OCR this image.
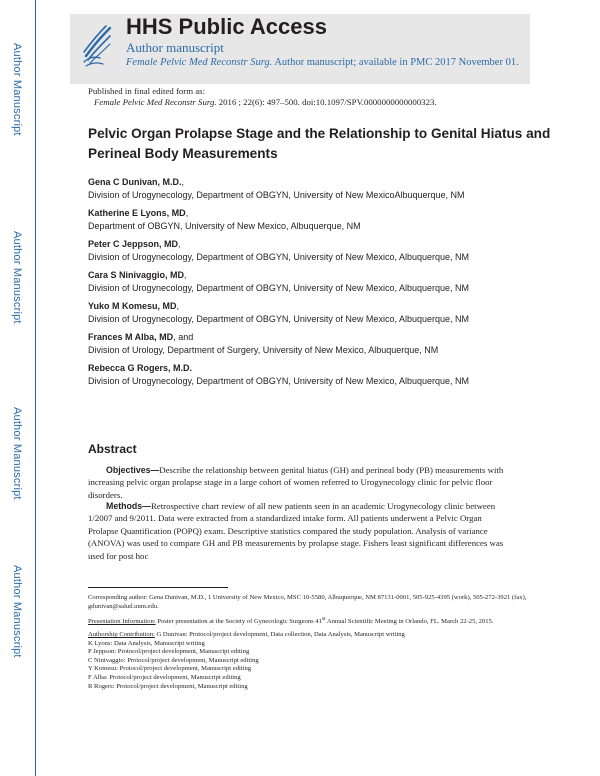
Author Manuscript
Author Manuscript
Author Manuscript
Author Manuscript
HHS Public Access
Author manuscript
Female Pelvic Med Reconstr Surg. Author manuscript; available in PMC 2017 November 01.
Published in final edited form as:
Female Pelvic Med Reconstr Surg. 2016 ; 22(6): 497–500. doi:10.1097/SPV.0000000000000323.
Pelvic Organ Prolapse Stage and the Relationship to Genital Hiatus and Perineal Body Measurements
Gena C Dunivan, M.D.,
Division of Urogynecology, Department of OBGYN, University of New MexicoAlbuquerque, NM
Katherine E Lyons, MD,
Department of OBGYN, University of New Mexico, Albuquerque, NM
Peter C Jeppson, MD,
Division of Urogynecology, Department of OBGYN, University of New Mexico, Albuquerque, NM
Cara S Ninivaggio, MD,
Division of Urogynecology, Department of OBGYN, University of New Mexico, Albuquerque, NM
Yuko M Komesu, MD,
Division of Urogynecology, Department of OBGYN, University of New Mexico, Albuquerque, NM
Frances M Alba, MD, and
Division of Urology, Department of Surgery, University of New Mexico, Albuquerque, NM
Rebecca G Rogers, M.D.
Division of Urogynecology, Department of OBGYN, University of New Mexico, Albuquerque, NM
Abstract
Objectives—Describe the relationship between genital hiatus (GH) and perineal body (PB) measurements with increasing pelvic organ prolapse stage in a large cohort of women referred to Urogynecology clinic for pelvic floor disorders.
Methods—Retrospective chart review of all new patients seen in an academic Urogynecology clinic between 1/2007 and 9/2011. Data were extracted from a standardized intake form. All patients underwent a Pelvic Organ Prolapse Quantification (POPQ) exam. Descriptive statistics compared the study population. Analysis of variance (ANOVA) was used to compare GH and PB measurements by prolapse stage. Fishers least significant differences was used for post hoc
Corresponding author: Gena Dunivan, M.D., 1 University of New Mexico, MSC 10-5580, Albuquerque, NM 87131-0001, 505-925-4395 (work), 505-272-3921 (fax), gdunivan@salud.unm.edu.
Presentation Information: Poster presentation at the Society of Gynecologic Surgeons 41st Annual Scientific Meeting in Orlando, FL. March 22-25, 2015.
Authorship Contribution: G Dunivan: Protocol/project development, Data collection, Data Analysis, Manuscript writing
K Lyons: Data Analysis, Manuscript writing
P Jeppson: Protocol/project development, Manuscript editing
C Ninivaggio: Protocol/project development, Manuscript editing
Y Komesu: Protocol/project development, Manuscript editing
F Alba: Protocol/project development, Manuscript editing
R Rogers: Protocol/project development, Manuscript editing
